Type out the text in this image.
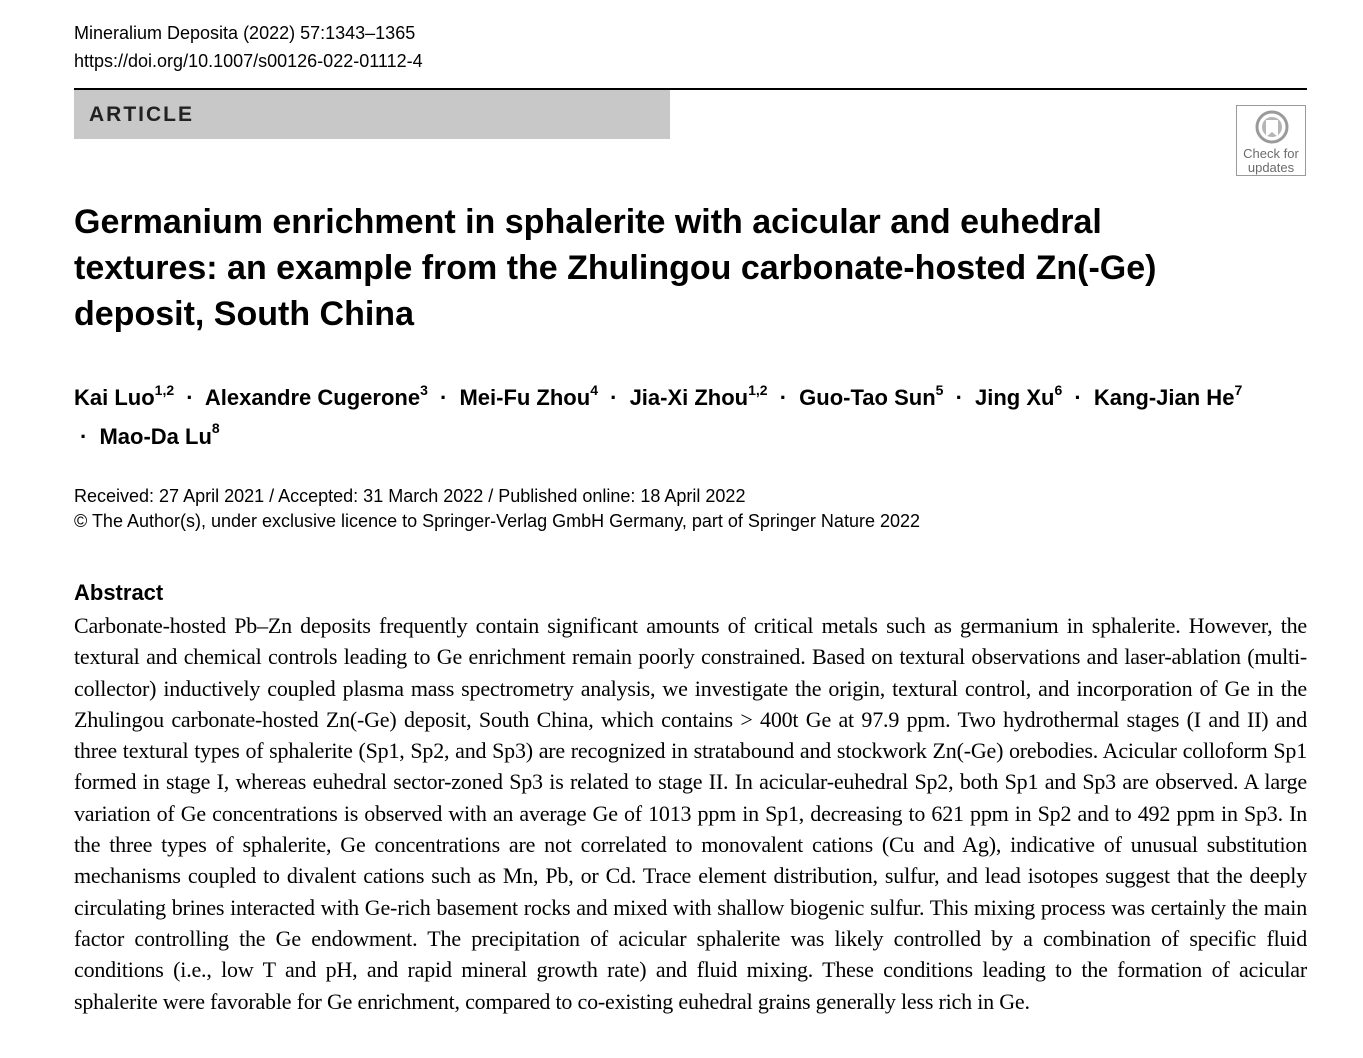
Mineralium Deposita (2022) 57:1343–1365
https://doi.org/10.1007/s00126-022-01112-4
ARTICLE
Check for
updates
Germanium enrichment in sphalerite with acicular and euhedral textures: an example from the Zhulingou carbonate-hosted Zn(-Ge) deposit, South China
Kai Luo$^{1,2}$ · Alexandre Cugerone$^3$ · Mei-Fu Zhou$^4$ · Jia-Xi Zhou$^{1,2}$ · Guo-Tao Sun$^5$ · Jing $Xu^6$ · Kang-Jian $He^7 \cdot Mao-Da$ Lu$^8$
Received: 27 April 2021 / Accepted: 31 March 2022 / Published online: 18 April 2022
© The Author(s), under exclusive licence to Springer-Verlag GmbH Germany, part of Springer Nature 2022
Abstract
Carbonate-hosted Pb–Zn deposits frequently contain significant amounts of critical metals such as germanium in sphalerite. However, the textural and chemical controls leading to Ge enrichment remain poorly constrained. Based on textural observations and laser-ablation (multi-collector) inductively coupled plasma mass spectrometry analysis, we investigate the origin, textural control, and incorporation of Ge in the Zhulingou carbonate-hosted Zn(-Ge) deposit, South China, which contains > 400t Ge at 97.9 ppm. Two hydrothermal stages (I and II) and three textural types of sphalerite (Sp1, Sp2, and Sp3) are recognized in stratabound and stockwork Zn(-Ge) orebodies. Acicular colloform Sp1 formed in stage I, whereas euhedral sector-zoned Sp3 is related to stage II. In acicular-euhedral Sp2, both Sp1 and Sp3 are observed. A large variation of Ge concentrations is observed with an average Ge of 1013 ppm in Sp1, decreasing to 621 ppm in Sp2 and to 492 ppm in Sp3. In the three types of sphalerite, Ge concentrations are not correlated to monovalent cations (Cu and Ag), indicative of unusual substitution mechanisms coupled to divalent cations such as Mn, Pb, or Cd. Trace element distribution, sulfur, and lead isotopes suggest that the deeply circulating brines interacted with Ge-rich basement rocks and mixed with shallow biogenic sulfur. This mixing process was certainly the main factor controlling the Ge endowment. The precipitation of acicular sphalerite was likely controlled by a combination of specific fluid conditions (i.e., low T and pH, and rapid mineral growth rate) and fluid mixing. These conditions leading to the formation of acicular sphalerite were favorable for Ge enrichment, compared to co-existing euhedral grains generally less rich in Ge.
